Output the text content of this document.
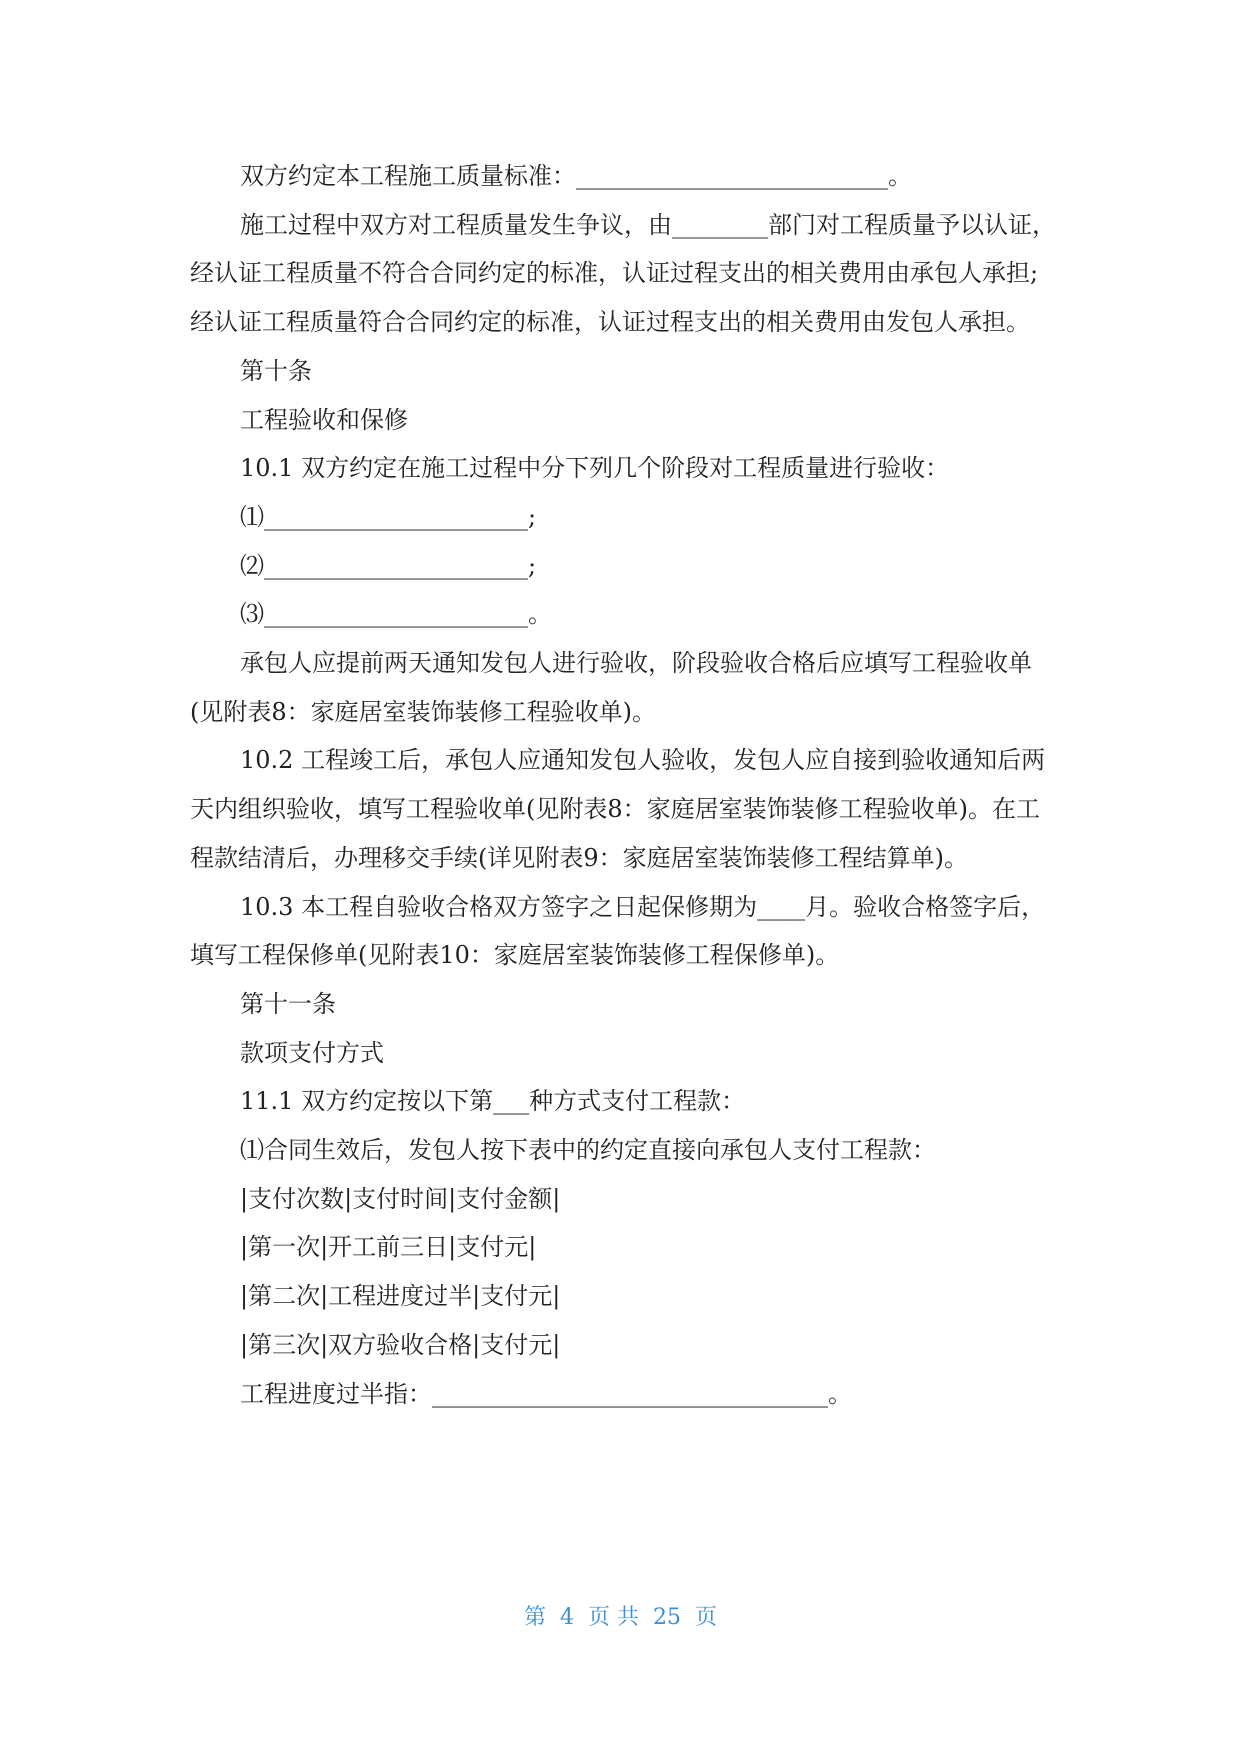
双方约定本工程施工质量标准：__________________________。

施工过程中双方对工程质量发生争议，由________部门对工程质量予以认证，经认证工程质量不符合合同约定的标准，认证过程支出的相关费用由承包人承担;经认证工程质量符合合同约定的标准，认证过程支出的相关费用由发包人承担。

第十条

工程验收和保修

10.1 双方约定在施工过程中分下列几个阶段对工程质量进行验收：

⑴______________________;

⑵______________________;

⑶______________________。

承包人应提前两天通知发包人进行验收，阶段验收合格后应填写工程验收单(见附表8：家庭居室装饰装修工程验收单)。

10.2 工程竣工后，承包人应通知发包人验收，发包人应自接到验收通知后两天内组织验收，填写工程验收单(见附表8：家庭居室装饰装修工程验收单)。在工程款结清后，办理移交手续(详见附表9：家庭居室装饰装修工程结算单)。

10.3 本工程自验收合格双方签字之日起保修期为____月。验收合格签字后，填写工程保修单(见附表10：家庭居室装饰装修工程保修单)。

第十一条

款项支付方式

11.1 双方约定按以下第___种方式支付工程款：

⑴合同生效后，发包人按下表中的约定直接向承包人支付工程款：

|支付次数|支付时间|支付金额|

|第一次|开工前三日|支付元|

|第二次|工程进度过半|支付元|

|第三次|双方验收合格|支付元|

工程进度过半指：_________________________________。

第  4  页 共  25  页
